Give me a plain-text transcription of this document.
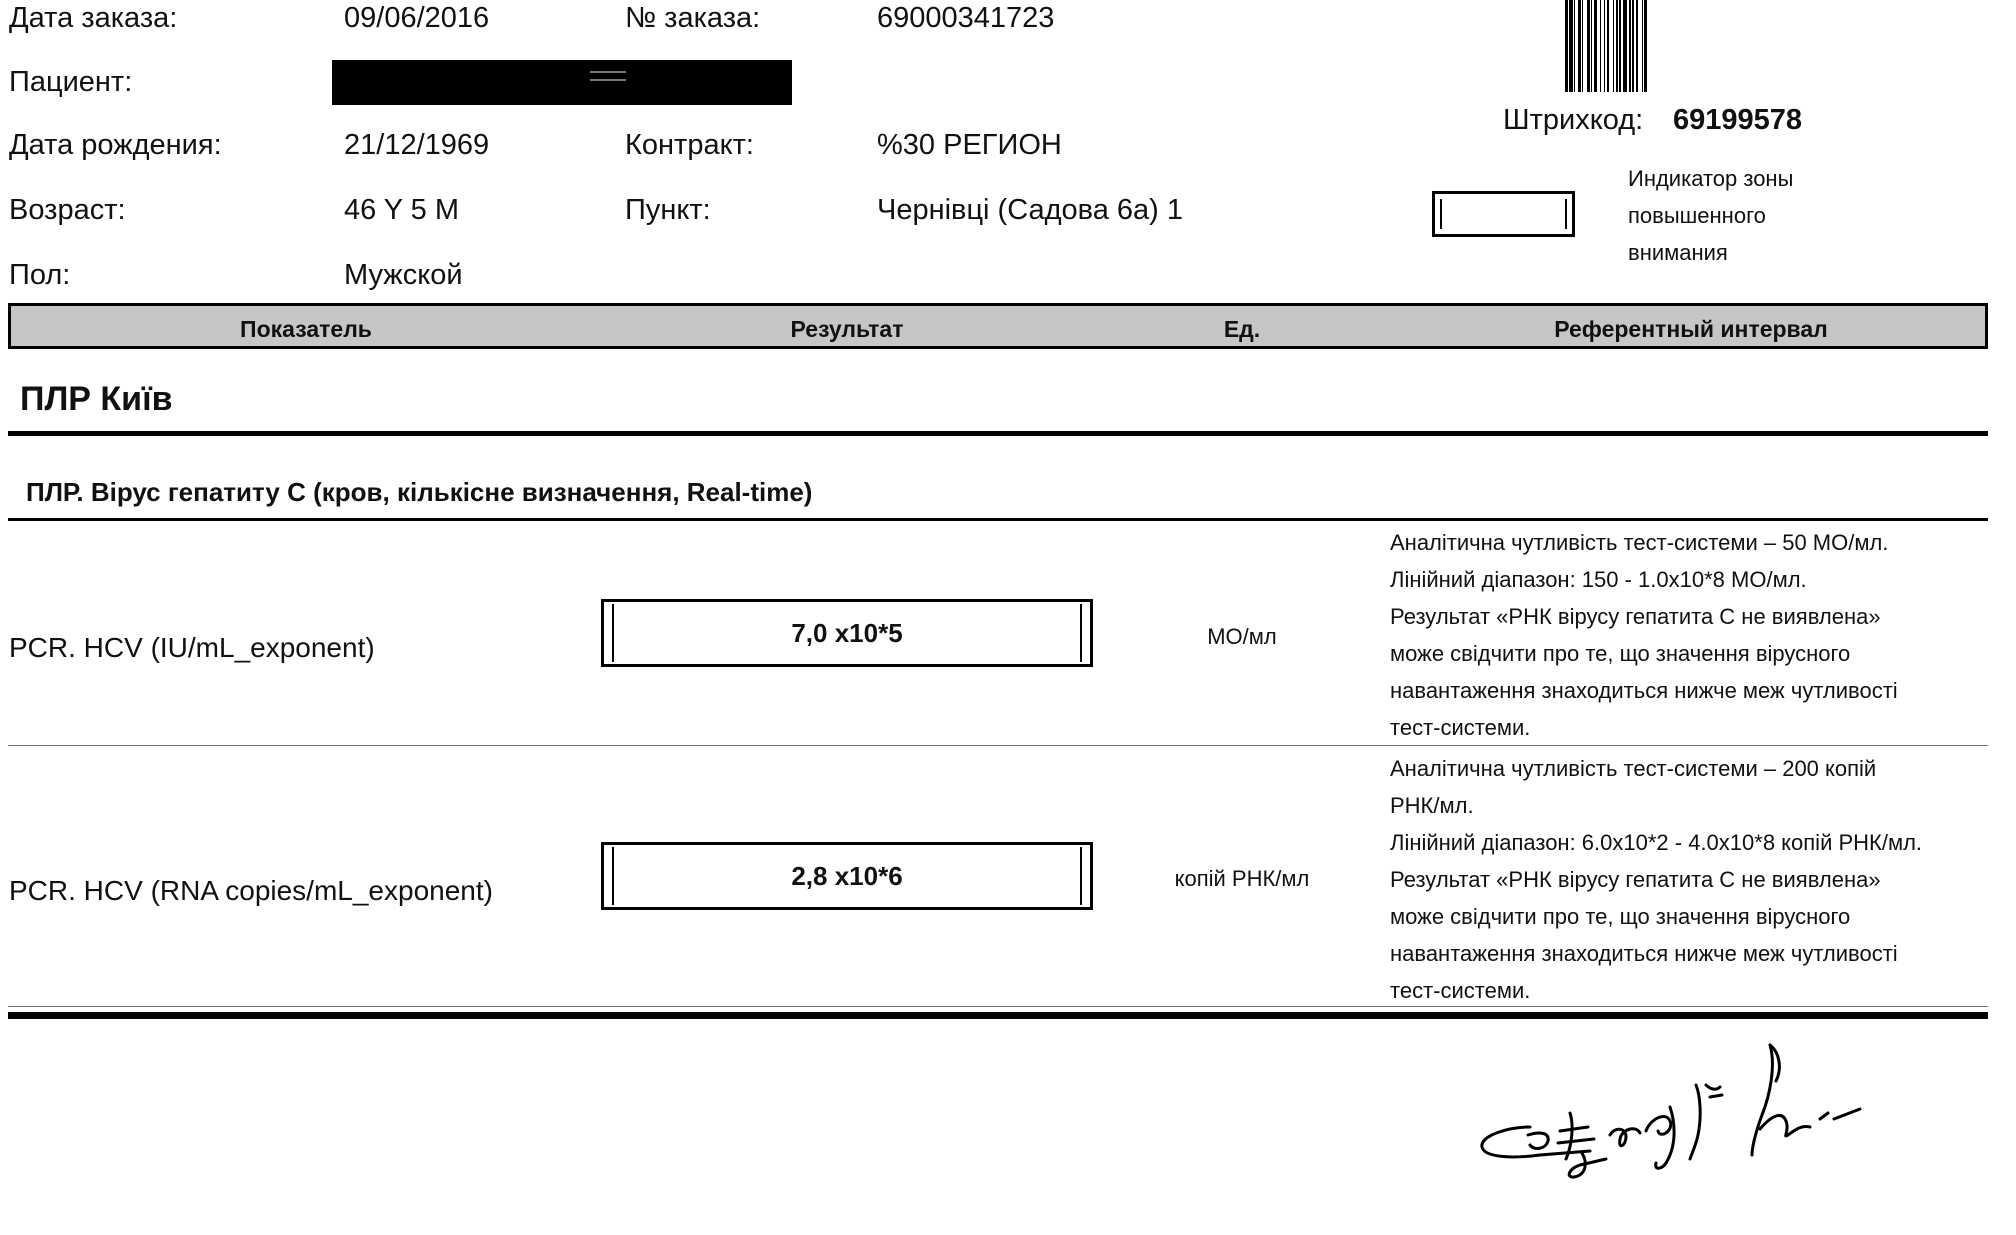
Дата заказа:	09/06/2016	№ заказа:	69000341723
Пациент:
Дата рождения:	21/12/1969	Контракт:	%30 РЕГИОН
Возраст:	46 Y 5 M	Пункт:	Чернівці (Садова 6а) 1
Пол:	Мужской
Штрихкод: 69199578
Индикатор зоны
повышенного
внимания
Показатель	Результат	Ед.	Референтный интервал
ПЛР Київ
ПЛР. Вірус гепатиту С (кров, кількісне визначення, Real-time)
PCR. HCV (IU/mL_exponent)	7,0 x10*5	МО/мл
Аналітична чутливість тест-системи – 50 МО/мл.
Лінійний діапазон: 150 - 1.0x10*8 МО/мл.
Результат «РНК вірусу гепатита С не виявлена»
може свідчити про те, що значення вірусного
навантаження знаходиться нижче меж чутливості
тест-системи.
PCR. HCV (RNA copies/mL_exponent)	2,8 x10*6	копій РНК/мл
Аналітична чутливість тест-системи – 200 копій
РНК/мл.
Лінійний діапазон: 6.0x10*2 - 4.0x10*8 копій РНК/мл.
Результат «РНК вірусу гепатита С не виявлена»
може свідчити про те, що значення вірусного
навантаження знаходиться нижче меж чутливості
тест-системи.
